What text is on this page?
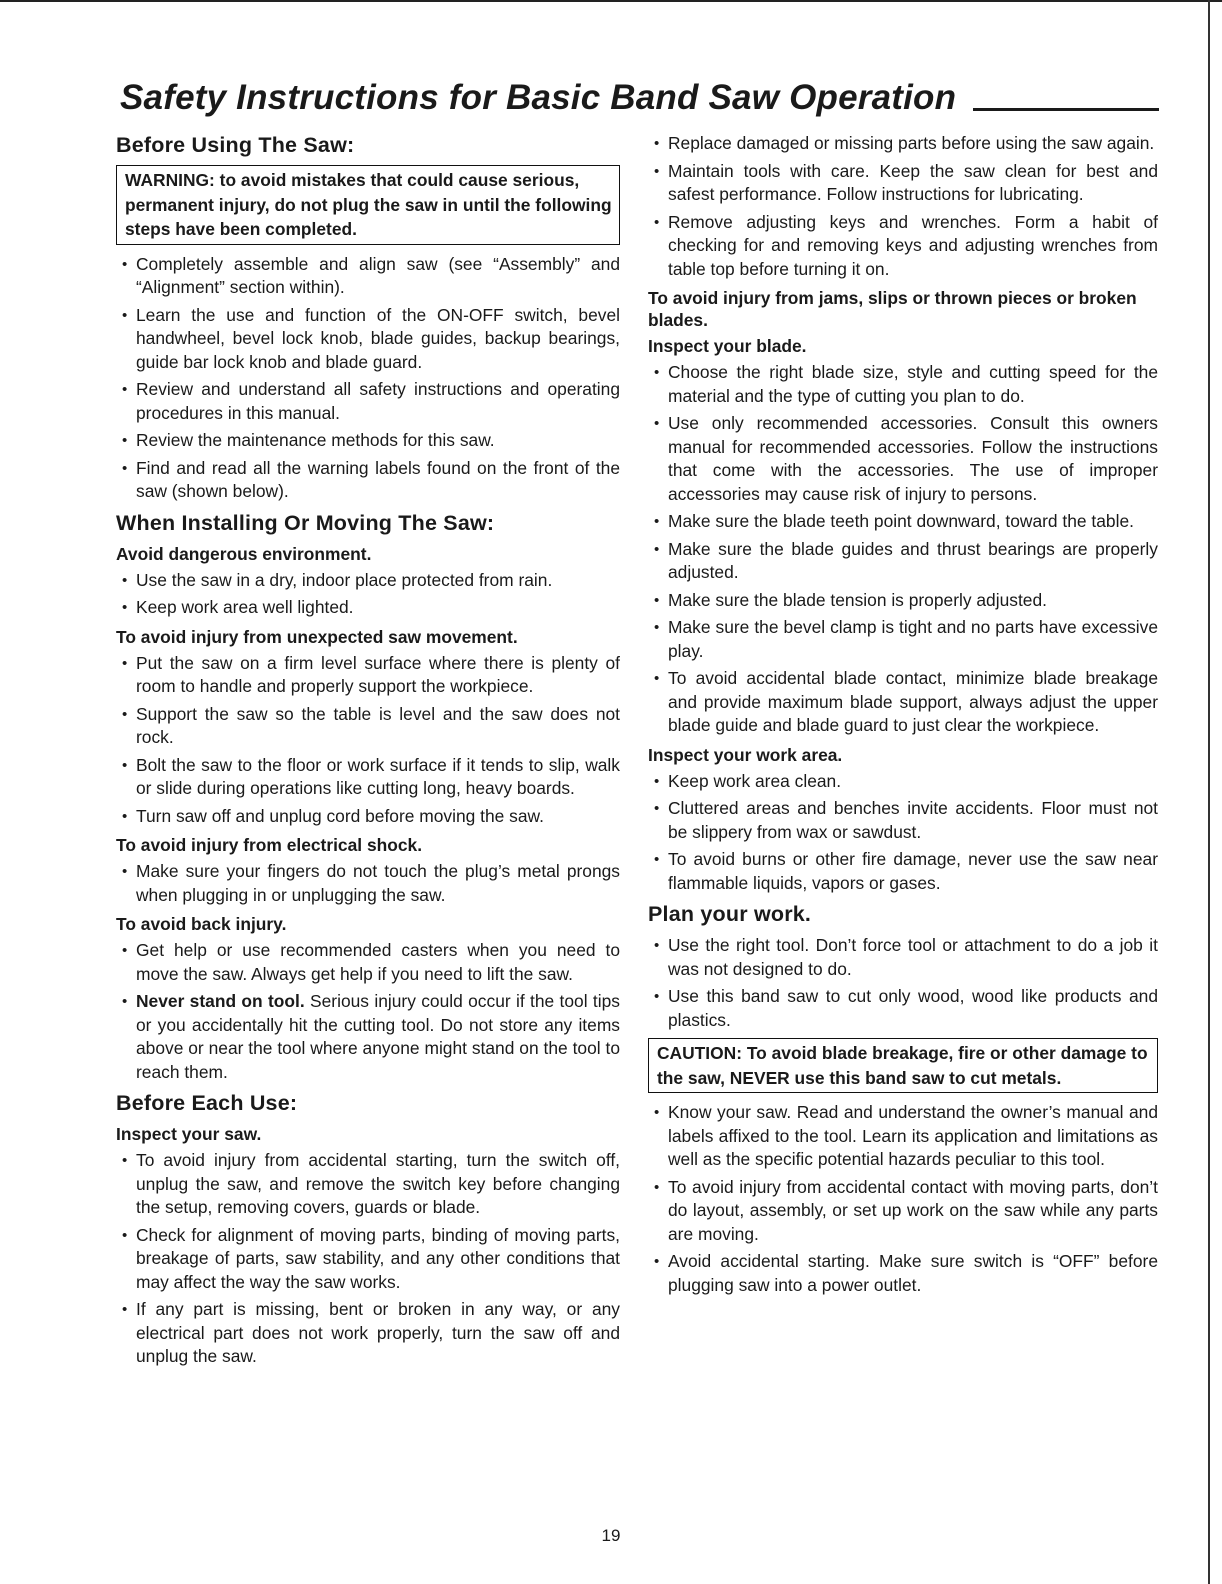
Safety Instructions for Basic Band Saw Operation
Before Using The Saw:
WARNING: to avoid mistakes that could cause serious, permanent injury, do not plug the saw in until the following steps have been completed.
• Completely assemble and align saw (see “Assembly” and “Alignment” section within).
• Learn the use and function of the ON-OFF switch, bevel handwheel, bevel lock knob, blade guides, backup bearings, guide bar lock knob and blade guard.
• Review and understand all safety instructions and operating procedures in this manual.
• Review the maintenance methods for this saw.
• Find and read all the warning labels found on the front of the saw (shown below).
When Installing Or Moving The Saw:
Avoid dangerous environment.
• Use the saw in a dry, indoor place protected from rain.
• Keep work area well lighted.
To avoid injury from unexpected saw movement.
• Put the saw on a firm level surface where there is plenty of room to handle and properly support the workpiece.
• Support the saw so the table is level and the saw does not rock.
• Bolt the saw to the floor or work surface if it tends to slip, walk or slide during operations like cutting long, heavy boards.
• Turn saw off and unplug cord before moving the saw.
To avoid injury from electrical shock.
• Make sure your fingers do not touch the plug’s metal prongs when plugging in or unplugging the saw.
To avoid back injury.
• Get help or use recommended casters when you need to move the saw. Always get help if you need to lift the saw.
• Never stand on tool. Serious injury could occur if the tool tips or you accidentally hit the cutting tool. Do not store any items above or near the tool where anyone might stand on the tool to reach them.
Before Each Use:
Inspect your saw.
• To avoid injury from accidental starting, turn the switch off, unplug the saw, and remove the switch key before changing the setup, removing covers, guards or blade.
• Check for alignment of moving parts, binding of moving parts, breakage of parts, saw stability, and any other conditions that may affect the way the saw works.
• If any part is missing, bent or broken in any way, or any electrical part does not work properly, turn the saw off and unplug the saw.
• Replace damaged or missing parts before using the saw again.
• Maintain tools with care. Keep the saw clean for best and safest performance. Follow instructions for lubricating.
• Remove adjusting keys and wrenches. Form a habit of checking for and removing keys and adjusting wrenches from table top before turning it on.
To avoid injury from jams, slips or thrown pieces or broken blades.
Inspect your blade.
• Choose the right blade size, style and cutting speed for the material and the type of cutting you plan to do.
• Use only recommended accessories. Consult this owners manual for recommended accessories. Follow the instructions that come with the accessories. The use of improper accessories may cause risk of injury to persons.
• Make sure the blade teeth point downward, toward the table.
• Make sure the blade guides and thrust bearings are properly adjusted.
• Make sure the blade tension is properly adjusted.
• Make sure the bevel clamp is tight and no parts have excessive play.
• To avoid accidental blade contact, minimize blade breakage and provide maximum blade support, always adjust the upper blade guide and blade guard to just clear the workpiece.
Inspect your work area.
• Keep work area clean.
• Cluttered areas and benches invite accidents. Floor must not be slippery from wax or sawdust.
• To avoid burns or other fire damage, never use the saw near flammable liquids, vapors or gases.
Plan your work.
• Use the right tool. Don’t force tool or attachment to do a job it was not designed to do.
• Use this band saw to cut only wood, wood like products and plastics.
CAUTION: To avoid blade breakage, fire or other damage to the saw, NEVER use this band saw to cut metals.
• Know your saw. Read and understand the owner’s manual and labels affixed to the tool. Learn its application and limitations as well as the specific potential hazards peculiar to this tool.
• To avoid injury from accidental contact with moving parts, don’t do layout, assembly, or set up work on the saw while any parts are moving.
• Avoid accidental starting. Make sure switch is “OFF” before plugging saw into a power outlet.
19
